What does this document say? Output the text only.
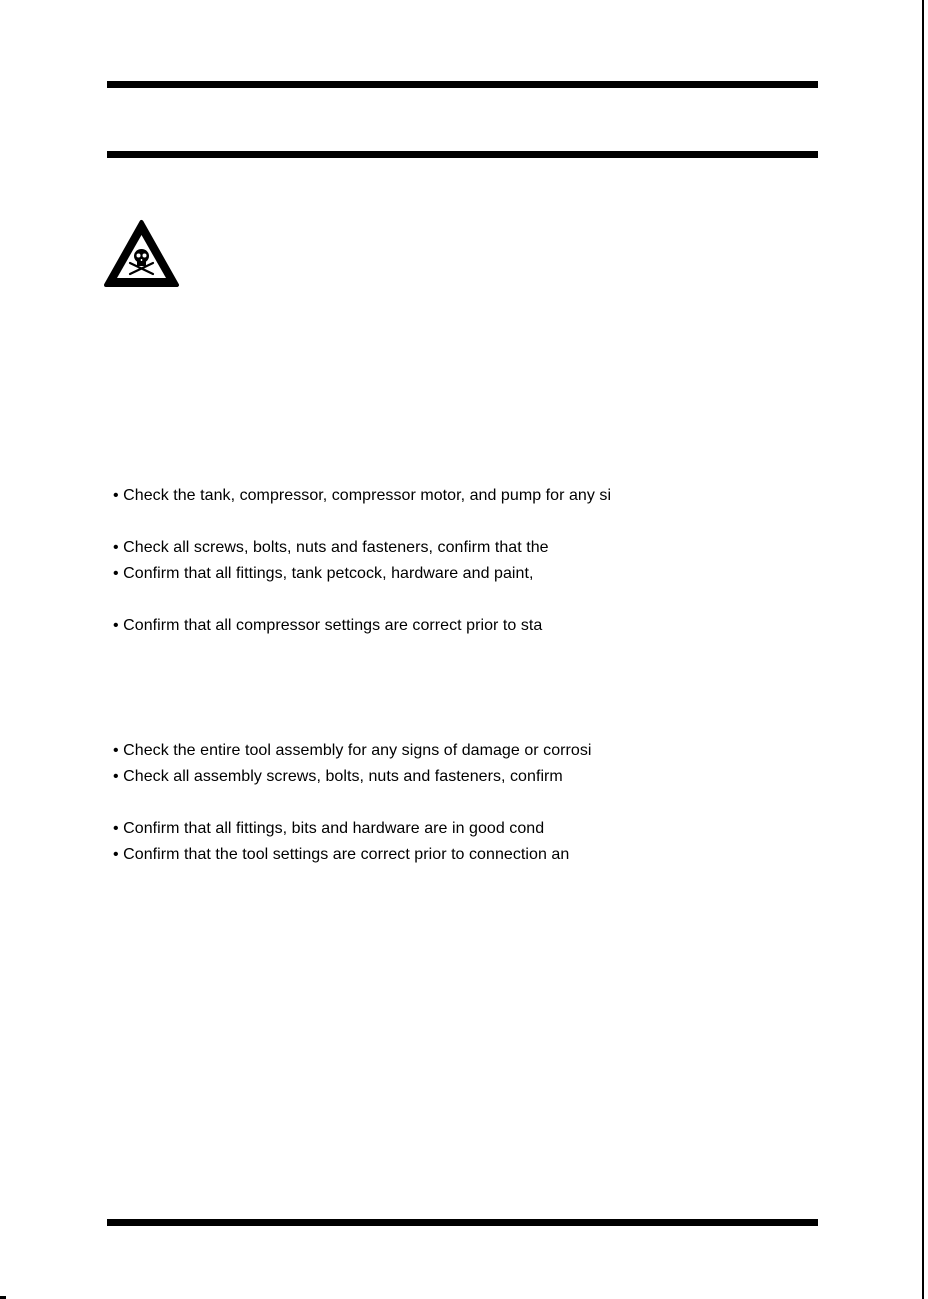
• Check the tank, compressor, compressor motor, and pump for any si
• Check all screws, bolts, nuts and fasteners, confirm that the
• Confirm that all fittings, tank petcock, hardware and paint,
• Confirm that all compressor settings are correct prior to sta
• Check the entire tool assembly for any signs of damage or corrosi
• Check all assembly screws, bolts, nuts and fasteners, confirm
• Confirm that all fittings, bits and hardware are in good cond
• Confirm that the tool settings are correct prior to connection an
